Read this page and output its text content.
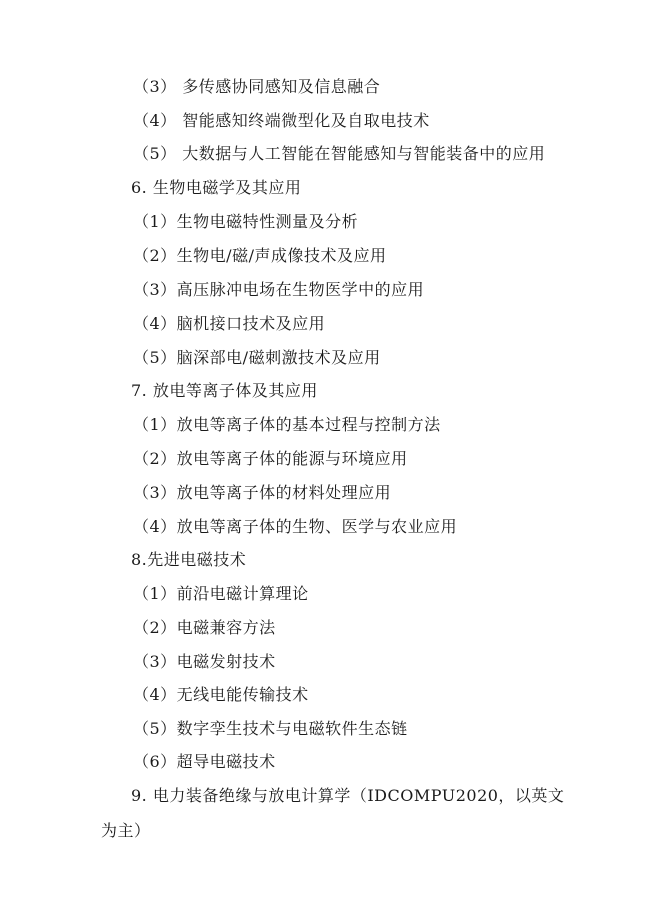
（3） 多传感协同感知及信息融合
（4） 智能感知终端微型化及自取电技术
（5） 大数据与人工智能在智能感知与智能装备中的应用
6. 生物电磁学及其应用
（1）生物电磁特性测量及分析
（2）生物电/磁/声成像技术及应用
（3）高压脉冲电场在生物医学中的应用
（4）脑机接口技术及应用
（5）脑深部电/磁刺激技术及应用
7. 放电等离子体及其应用
（1）放电等离子体的基本过程与控制方法
（2）放电等离子体的能源与环境应用
（3）放电等离子体的材料处理应用
（4）放电等离子体的生物、医学与农业应用
8.先进电磁技术
（1）前沿电磁计算理论
（2）电磁兼容方法
（3）电磁发射技术
（4）无线电能传输技术
（5）数字孪生技术与电磁软件生态链
（6）超导电磁技术
9. 电力装备绝缘与放电计算学（IDCOMPU2020，以英文
为主）
